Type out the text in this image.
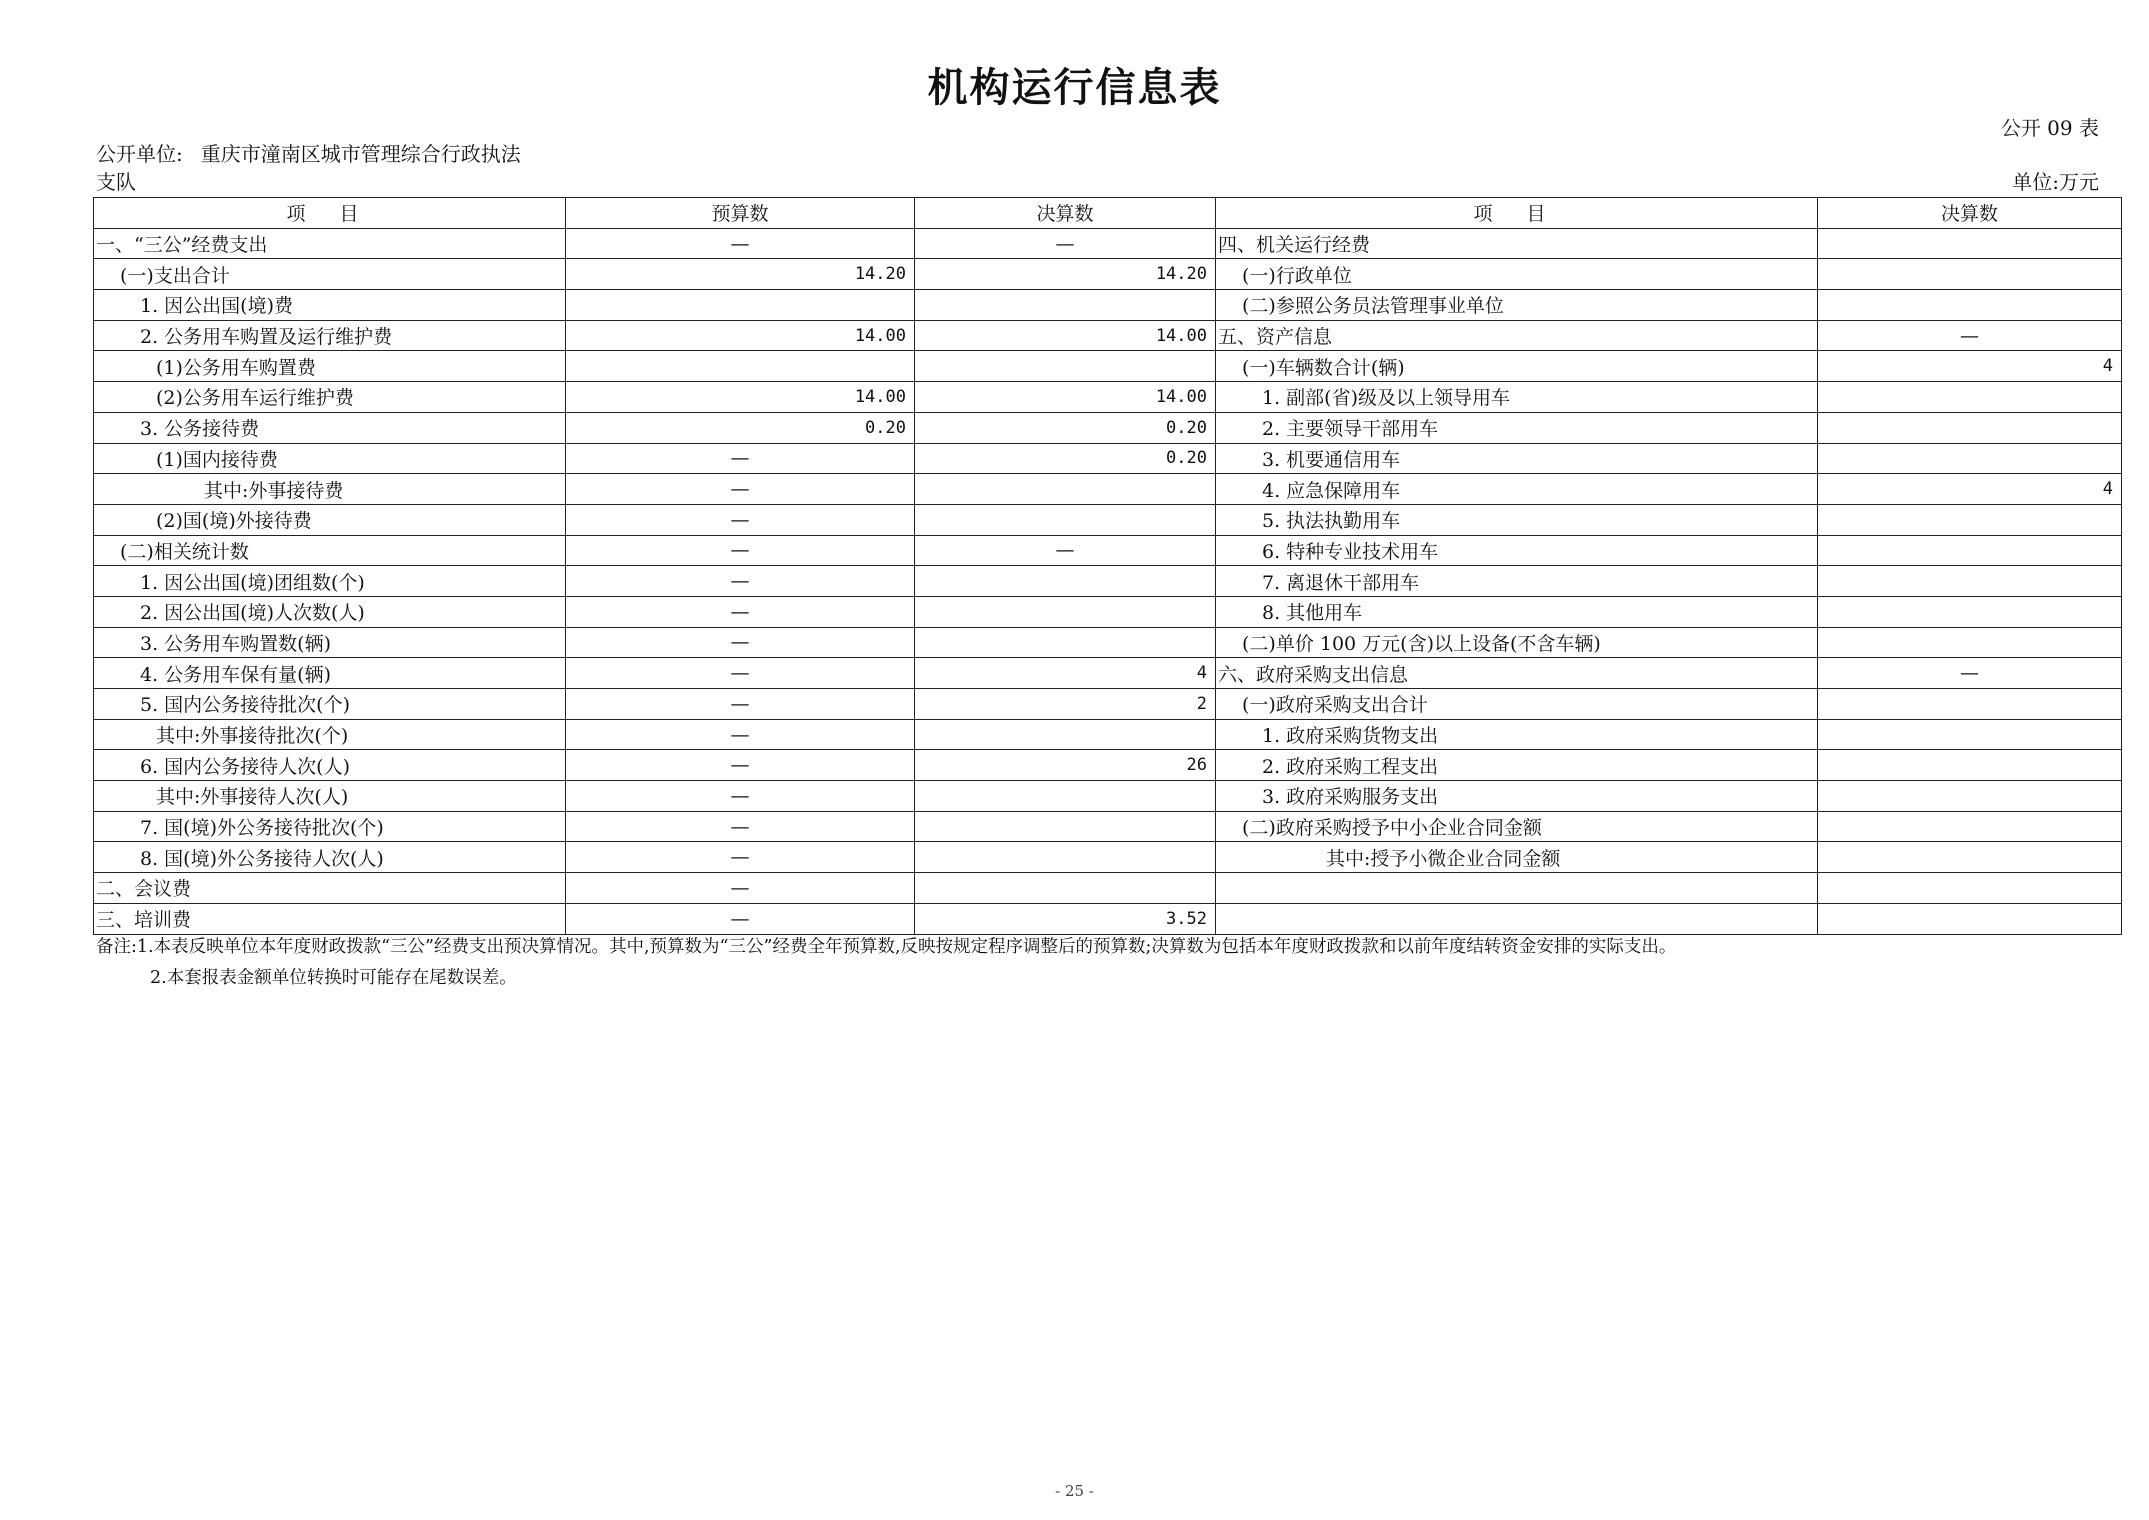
机构运行信息表
公开 09 表
公开单位: 重庆市潼南区城市管理综合行政执法
支队	单位:万元
项 目	预算数	决算数	项 目	决算数
一、“三公”经费支出	—	—	四、机关运行经费	
(一)支出合计	14.20	14.20	(一)行政单位	
1. 因公出国(境)费			(二)参照公务员法管理事业单位	
2. 公务用车购置及运行维护费	14.00	14.00	五、资产信息	—
(1)公务用车购置费			(一)车辆数合计(辆)	4
(2)公务用车运行维护费	14.00	14.00	1. 副部(省)级及以上领导用车	
3. 公务接待费	0.20	0.20	2. 主要领导干部用车	
(1)国内接待费	—	0.20	3. 机要通信用车	
其中:外事接待费	—		4. 应急保障用车	4
(2)国(境)外接待费	—		5. 执法执勤用车	
(二)相关统计数	—	—	6. 特种专业技术用车	
1. 因公出国(境)团组数(个)	—		7. 离退休干部用车	
2. 因公出国(境)人次数(人)	—		8. 其他用车	
3. 公务用车购置数(辆)	—		(二)单价 100 万元(含)以上设备(不含车辆)	
4. 公务用车保有量(辆)	—	4	六、政府采购支出信息	—
5. 国内公务接待批次(个)	—	2	(一)政府采购支出合计	
其中:外事接待批次(个)	—		1. 政府采购货物支出	
6. 国内公务接待人次(人)	—	26	2. 政府采购工程支出	
其中:外事接待人次(人)	—		3. 政府采购服务支出	
7. 国(境)外公务接待批次(个)	—		(二)政府采购授予中小企业合同金额	
8. 国(境)外公务接待人次(人)	—		其中:授予小微企业合同金额	
二、会议费	—			
三、培训费	—	3.52		
备注:1.本表反映单位本年度财政拨款“三公”经费支出预决算情况。其中,预算数为“三公”经费全年预算数,反映按规定程序调整后的预算数;决算数为包括本年度财政拨款和以前年度结转资金安排的实际支出。
2.本套报表金额单位转换时可能存在尾数误差。
- 25 -
